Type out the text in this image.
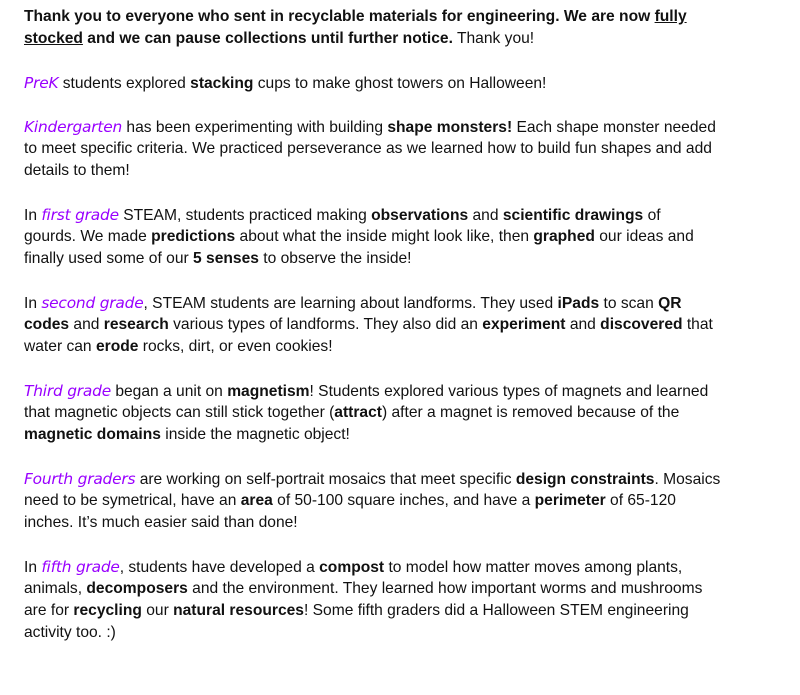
Thank you to everyone who sent in recyclable materials for engineering. We are now fully
stocked and we can pause collections until further notice. Thank you!

PreK students explored stacking cups to make ghost towers on Halloween!

Kindergarten has been experimenting with building shape monsters! Each shape monster needed
to meet specific criteria. We practiced perseverance as we learned how to build fun shapes and add
details to them!

In first grade STEAM, students practiced making observations and scientific drawings of
gourds. We made predictions about what the inside might look like, then graphed our ideas and
finally used some of our 5 senses to observe the inside!

In second grade, STEAM students are learning about landforms. They used iPads to scan QR
codes and research various types of landforms. They also did an experiment and discovered that
water can erode rocks, dirt, or even cookies!

Third grade began a unit on magnetism! Students explored various types of magnets and learned
that magnetic objects can still stick together (attract) after a magnet is removed because of the
magnetic domains inside the magnetic object!

Fourth graders are working on self-portrait mosaics that meet specific design constraints. Mosaics
need to be symetrical, have an area of 50-100 square inches, and have a perimeter of 65-120
inches. It’s much easier said than done!

In fifth grade, students have developed a compost to model how matter moves among plants,
animals, decomposers and the environment. They learned how important worms and mushrooms
are for recycling our natural resources! Some fifth graders did a Halloween STEM engineering
activity too. :)
